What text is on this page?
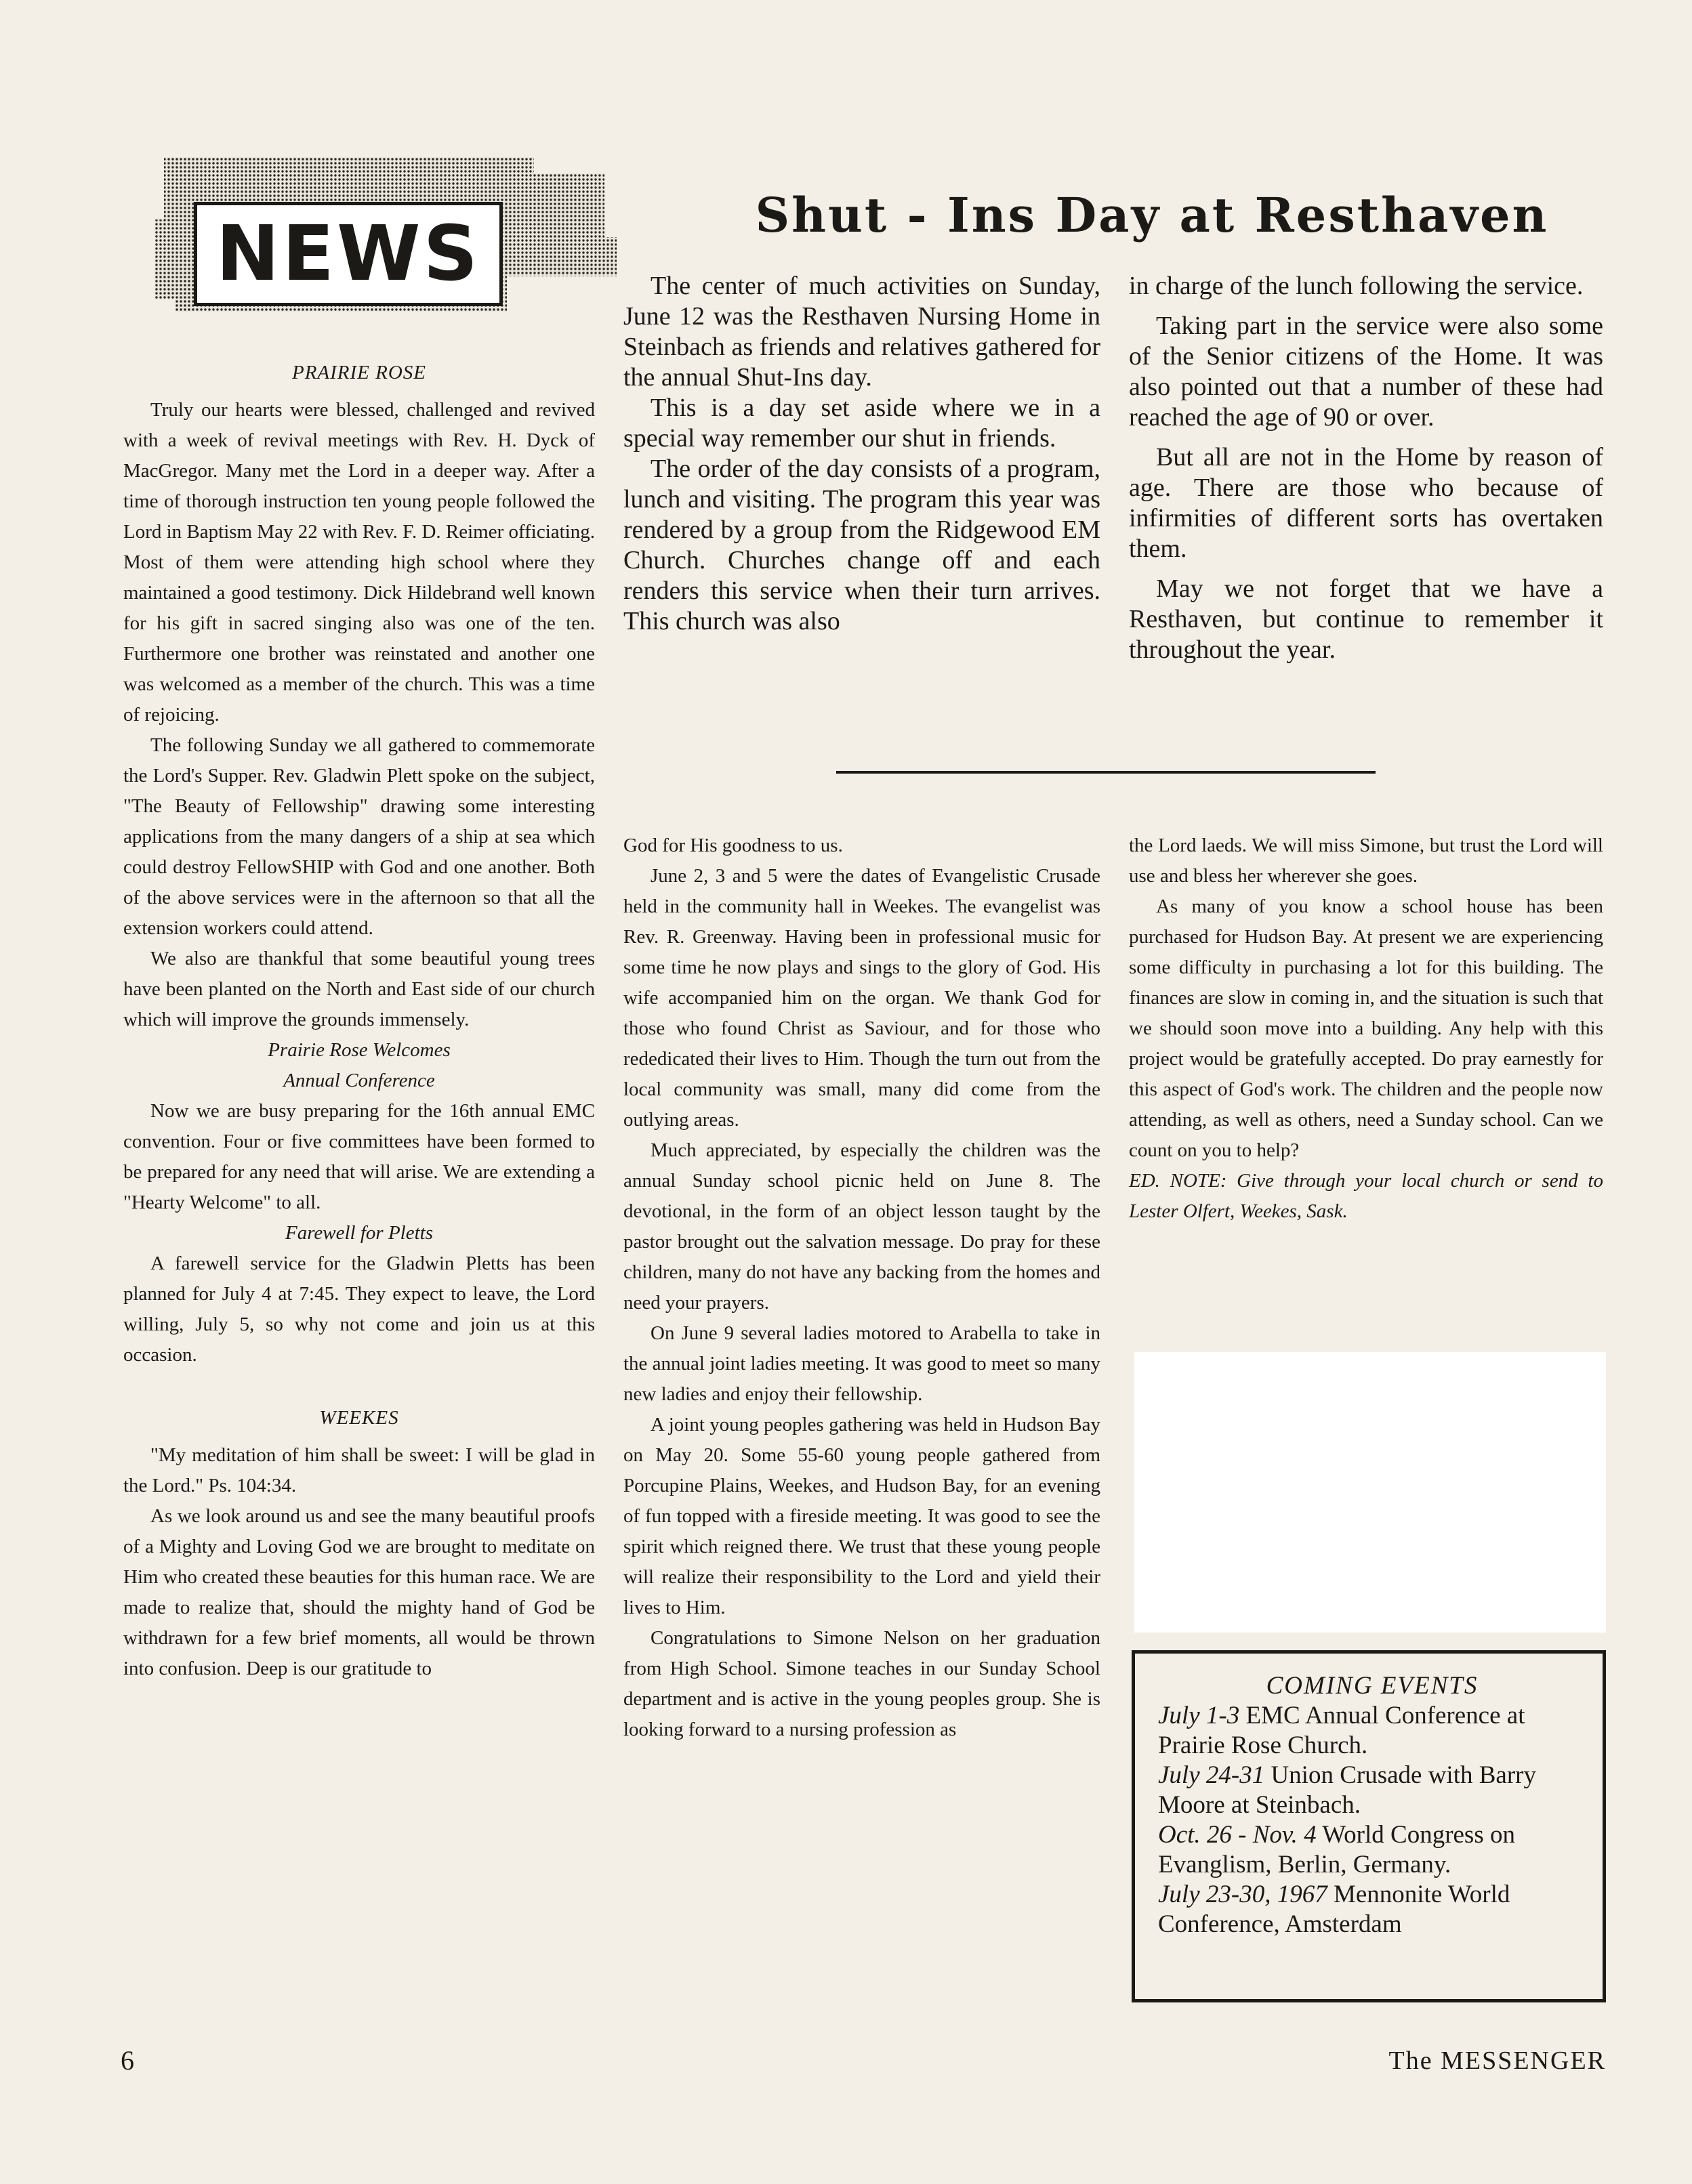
NEWS	Shut - Ins Day at Resthaven

The center of much activities on Sunday, June 12 was the Resthaven Nursing Home in Steinbach as friends and relatives gathered for the annual Shut-Ins day.

This is a day set aside where we in a special way remember our shut in friends.

The order of the day consists of a program, lunch and visiting. The program this year was rendered by a group from the Ridgewood EM Church. Churches change off and each renders this service when their turn arrives. This church was also

in charge of the lunch following the service.

Taking part in the service were also some of the Senior citizens of the Home. It was also pointed out that a number of these had reached the age of 90 or over.

But all are not in the Home by reason of age. There are those who because of infirmities of different sorts has overtaken them.

May we not forget that we have a Resthaven, but continue to remember it throughout the year.

PRAIRIE ROSE

Truly our hearts were blessed, challenged and revived with a week of revival meetings with Rev. H. Dyck of MacGregor. Many met the Lord in a deeper way. After a time of thorough instruction ten young people followed the Lord in Baptism May 22 with Rev. F. D. Reimer officiating. Most of them were attending high school where they maintained a good testimony. Dick Hildebrand well known for his gift in sacred singing also was one of the ten. Furthermore one brother was reinstated and another one was welcomed as a member of the church. This was a time of rejoicing.

The following Sunday we all gathered to commemorate the Lord's Supper. Rev. Gladwin Plett spoke on the subject, "The Beauty of Fellowship" drawing some interesting applications from the many dangers of a ship at sea which could destroy FellowSHIP with God and one another. Both of the above services were in the afternoon so that all the extension workers could attend.

We also are thankful that some beautiful young trees have been planted on the North and East side of our church which will improve the grounds immensely.

Prairie Rose Welcomes

Annual Conference

Now we are busy preparing for the 16th annual EMC convention. Four or five committees have been formed to be prepared for any need that will arise. We are extending a "Hearty Welcome" to all.

Farewell for Pletts

A farewell service for the Gladwin Pletts has been planned for July 4 at 7:45. They expect to leave, the Lord willing, July 5, so why not come and join us at this occasion.

WEEKES

"My meditation of him shall be sweet: I will be glad in the Lord." Ps. 104:34.

As we look around us and see the many beautiful proofs of a Mighty and Loving God we are brought to meditate on Him who created these beauties for this human race. We are made to realize that, should the mighty hand of God be withdrawn for a few brief moments, all would be thrown into confusion. Deep is our gratitude to

God for His goodness to us.

June 2, 3 and 5 were the dates of Evangelistic Crusade held in the community hall in Weekes. The evangelist was Rev. R. Greenway. Having been in professional music for some time he now plays and sings to the glory of God. His wife accompanied him on the organ. We thank God for those who found Christ as Saviour, and for those who rededicated their lives to Him. Though the turn out from the local community was small, many did come from the outlying areas.

Much appreciated, by especially the children was the annual Sunday school picnic held on June 8. The devotional, in the form of an object lesson taught by the pastor brought out the salvation message. Do pray for these children, many do not have any backing from the homes and need your prayers.

On June 9 several ladies motored to Arabella to take in the annual joint ladies meeting. It was good to meet so many new ladies and enjoy their fellowship.

A joint young peoples gathering was held in Hudson Bay on May 20. Some 55-60 young people gathered from Porcupine Plains, Weekes, and Hudson Bay, for an evening of fun topped with a fireside meeting. It was good to see the spirit which reigned there. We trust that these young people will realize their responsibility to the Lord and yield their lives to Him.

Congratulations to Simone Nelson on her graduation from High School. Simone teaches in our Sunday School department and is active in the young peoples group. She is looking forward to a nursing profession as

the Lord laeds. We will miss Simone, but trust the Lord will use and bless her wherever she goes.

As many of you know a school house has been purchased for Hudson Bay. At present we are experiencing some difficulty in purchasing a lot for this building. The finances are slow in coming in, and the situation is such that we should soon move into a building. Any help with this project would be gratefully accepted. Do pray earnestly for this aspect of God's work. The children and the people now attending, as well as others, need a Sunday school. Can we count on you to help?

ED. NOTE: Give through your local church or send to Lester Olfert, Weekes, Sask.

COMING EVENTS

July 1-3 EMC Annual Conference at Prairie Rose Church.

July 24-31 Union Crusade with Barry Moore at Steinbach.

Oct. 26 - Nov. 4 World Congress on Evanglism, Berlin, Germany.

July 23-30, 1967 Mennonite World Conference, Amsterdam

6	The MESSENGER
